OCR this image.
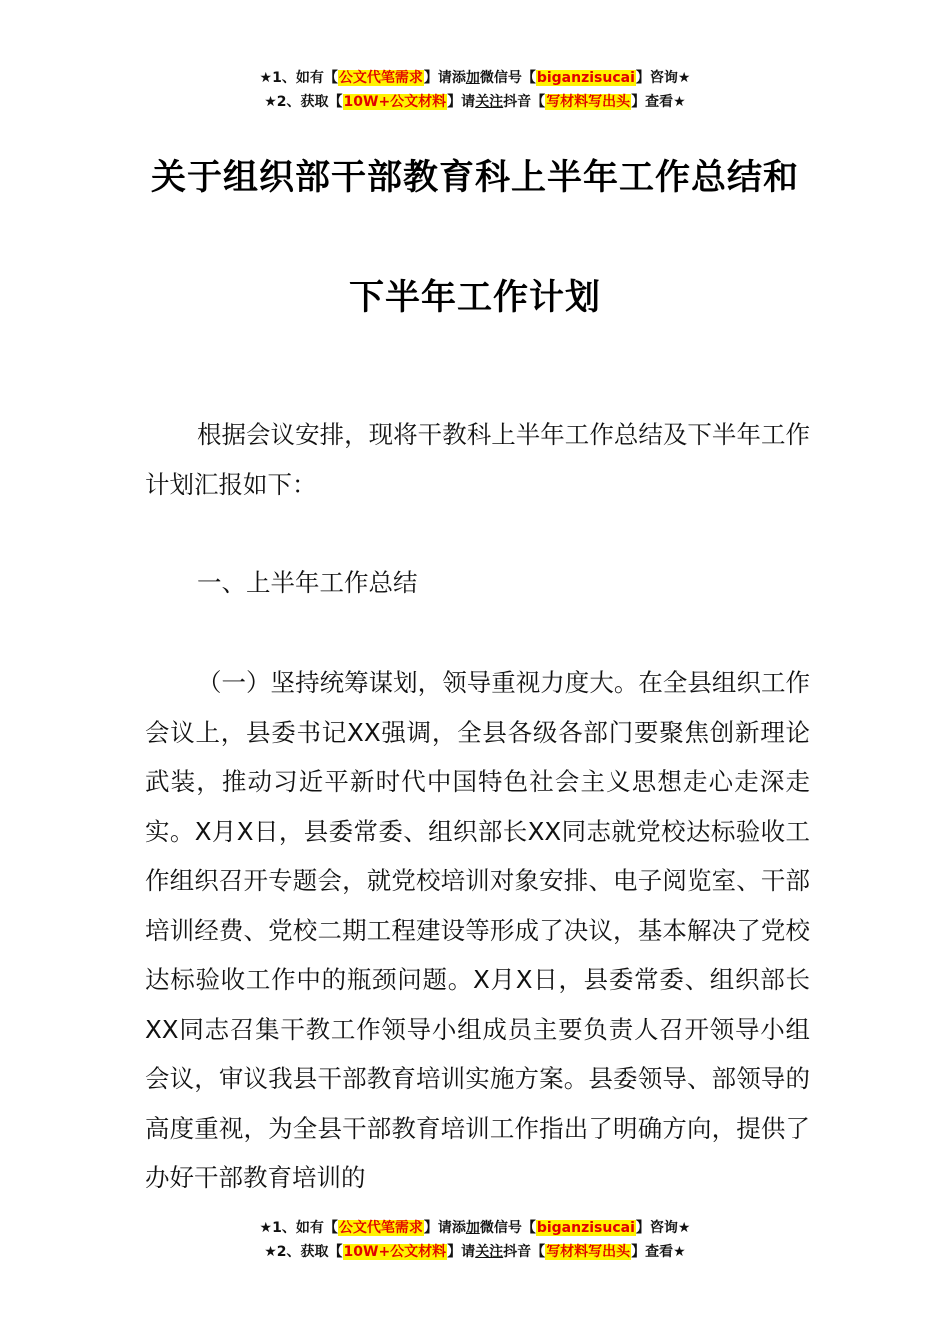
★1、如有【公文代笔需求】请添加微信号【biganzisucai】咨询★
★2、获取【10W+公文材料】请关注抖音【写材料写出头】查看★
关于组织部干部教育科上半年工作总结和
下半年工作计划
根据会议安排，现将干教科上半年工作总结及下半年工作计划汇报如下：
一、上半年工作总结
（一）坚持统筹谋划，领导重视力度大。在全县组织工作会议上，县委书记XX强调，全县各级各部门要聚焦创新理论武装，推动习近平新时代中国特色社会主义思想走心走深走实。X月X日，县委常委、组织部长XX同志就党校达标验收工作组织召开专题会，就党校培训对象安排、电子阅览室、干部培训经费、党校二期工程建设等形成了决议，基本解决了党校达标验收工作中的瓶颈问题。X月X日，县委常委、组织部长XX同志召集干教工作领导小组成员主要负责人召开领导小组会议，审议我县干部教育培训实施方案。县委领导、部领导的高度重视，为全县干部教育培训工作指出了明确方向，提供了办好干部教育培训的
★1、如有【公文代笔需求】请添加微信号【biganzisucai】咨询★
★2、获取【10W+公文材料】请关注抖音【写材料写出头】查看★
